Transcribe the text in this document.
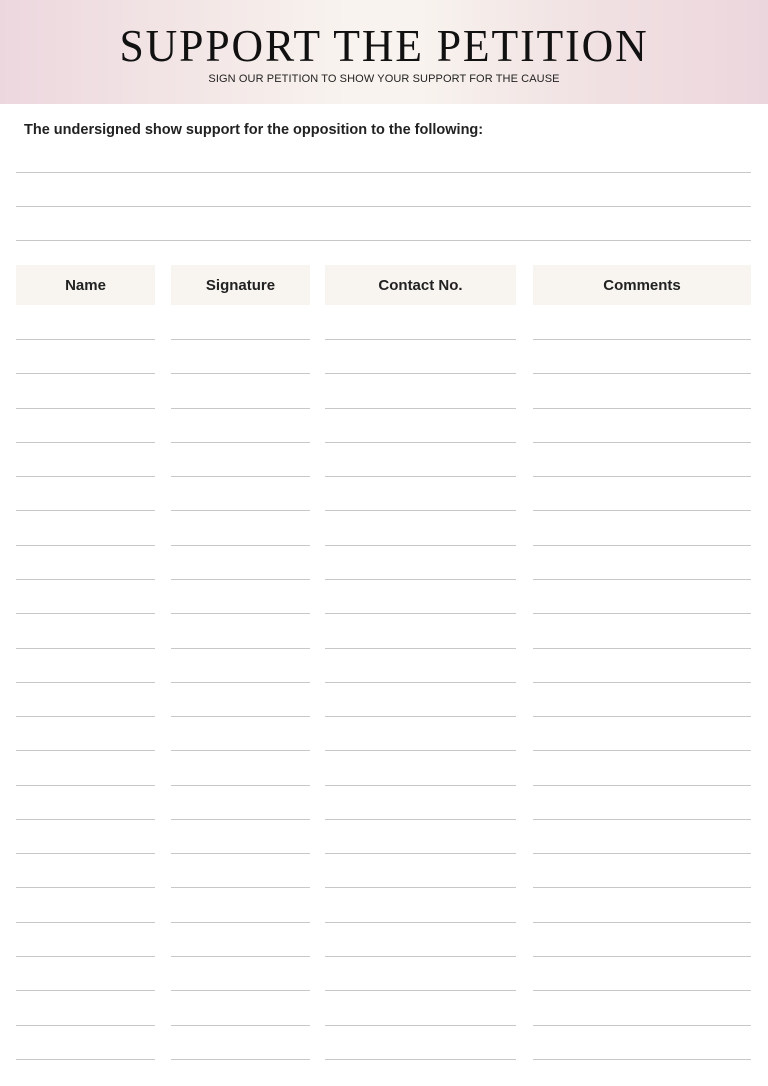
SUPPORT THE PETITION
SIGN OUR PETITION TO SHOW YOUR SUPPORT FOR THE CAUSE
The undersigned show support for the opposition to the following:
Name	Signature	Contact No.	Comments
